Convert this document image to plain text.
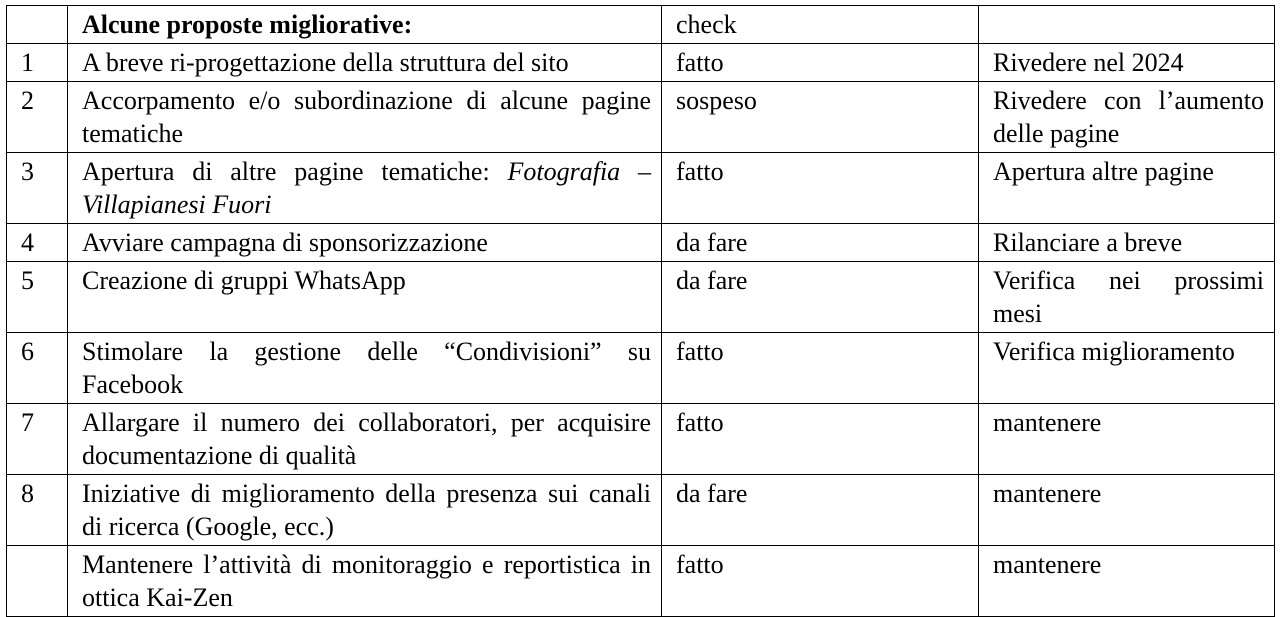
	Alcune proposte migliorative:	check	
1	A breve ri-progettazione della struttura del sito	fatto	Rivedere nel 2024
2	Accorpamento e/o subordinazione di alcune pagine tematiche	sospeso	Rivedere con l’aumento delle pagine
3	Apertura di altre pagine tematiche: Fotografia – Villapianesi Fuori	fatto	Apertura altre pagine
4	Avviare campagna di sponsorizzazione	da fare	Rilanciare a breve
5	Creazione di gruppi WhatsApp	da fare	Verifica nei prossimi mesi
6	Stimolare la gestione delle “Condivisioni” su Facebook	fatto	Verifica miglioramento
7	Allargare il numero dei collaboratori, per acquisire documentazione di qualità	fatto	mantenere
8	Iniziative di miglioramento della presenza sui canali di ricerca (Google, ecc.)	da fare	mantenere
	Mantenere l’attività di monitoraggio e reportistica in ottica Kai-Zen	fatto	mantenere
